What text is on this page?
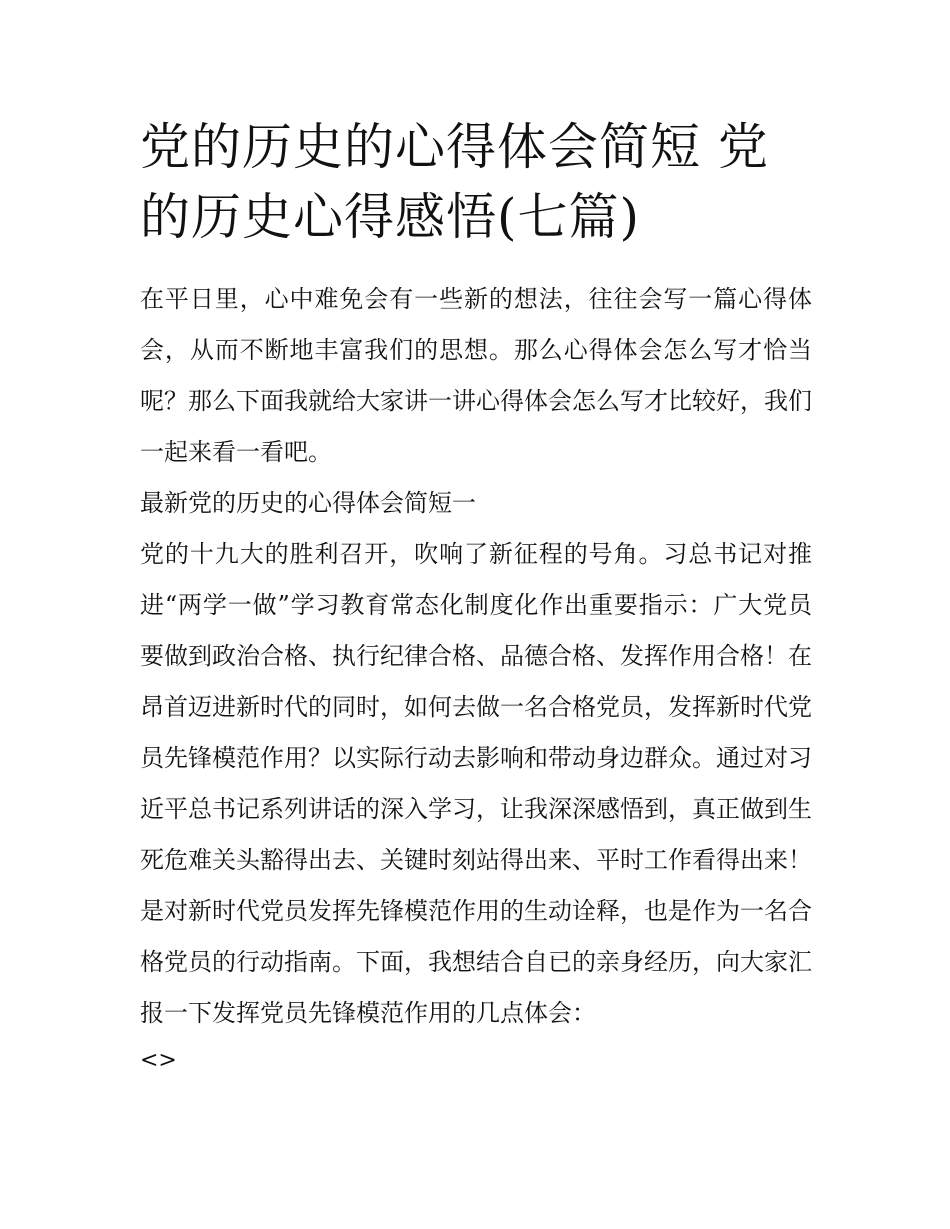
党的历史的心得体会简短 党的历史心得感悟(七篇)

在平日里，心中难免会有一些新的想法，往往会写一篇心得体会，从而不断地丰富我们的思想。那么心得体会怎么写才恰当呢？那么下面我就给大家讲一讲心得体会怎么写才比较好，我们一起来看一看吧。

最新党的历史的心得体会简短一

党的十九大的胜利召开，吹响了新征程的号角。习总书记对推进“两学一做”学习教育常态化制度化作出重要指示：广大党员要做到政治合格、执行纪律合格、品德合格、发挥作用合格！在昂首迈进新时代的同时，如何去做一名合格党员，发挥新时代党员先锋模范作用？以实际行动去影响和带动身边群众。通过对习近平总书记系列讲话的深入学习，让我深深感悟到，真正做到生死危难关头豁得出去、关键时刻站得出来、平时工作看得出来！是对新时代党员发挥先锋模范作用的生动诠释，也是作为一名合格党员的行动指南。下面，我想结合自已的亲身经历，向大家汇报一下发挥党员先锋模范作用的几点体会：

<>
